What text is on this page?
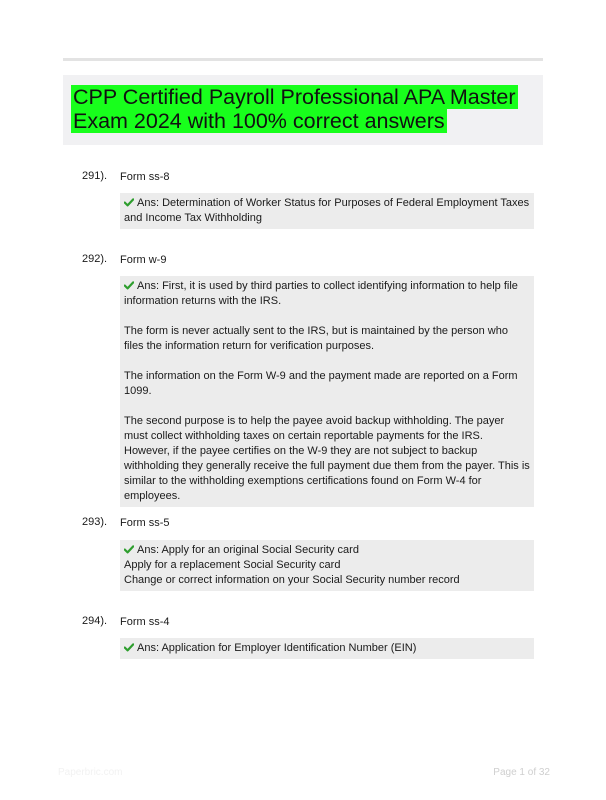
CPP Certified Payroll Professional APA Master Exam 2024 with 100% correct answers
291). Form ss-8

Ans: Determination of Worker Status for Purposes of Federal Employment Taxes and Income Tax Withholding

292). Form w-9

Ans: First, it is used by third parties to collect identifying information to help file information returns with the IRS.

The form is never actually sent to the IRS, but is maintained by the person who files the information return for verification purposes.

The information on the Form W-9 and the payment made are reported on a Form 1099.

The second purpose is to help the payee avoid backup withholding. The payer must collect withholding taxes on certain reportable payments for the IRS. However, if the payee certifies on the W-9 they are not subject to backup withholding they generally receive the full payment due them from the payer. This is similar to the withholding exemptions certifications found on Form W-4 for employees.

293). Form ss-5
Ans: Apply for an original Social Security card
Apply for a replacement Social Security card
Change or correct information on your Social Security number record
294). Form ss-4

Ans: Application for Employer Identification Number (EIN)

Paperbric.com	Page 1 of 32
